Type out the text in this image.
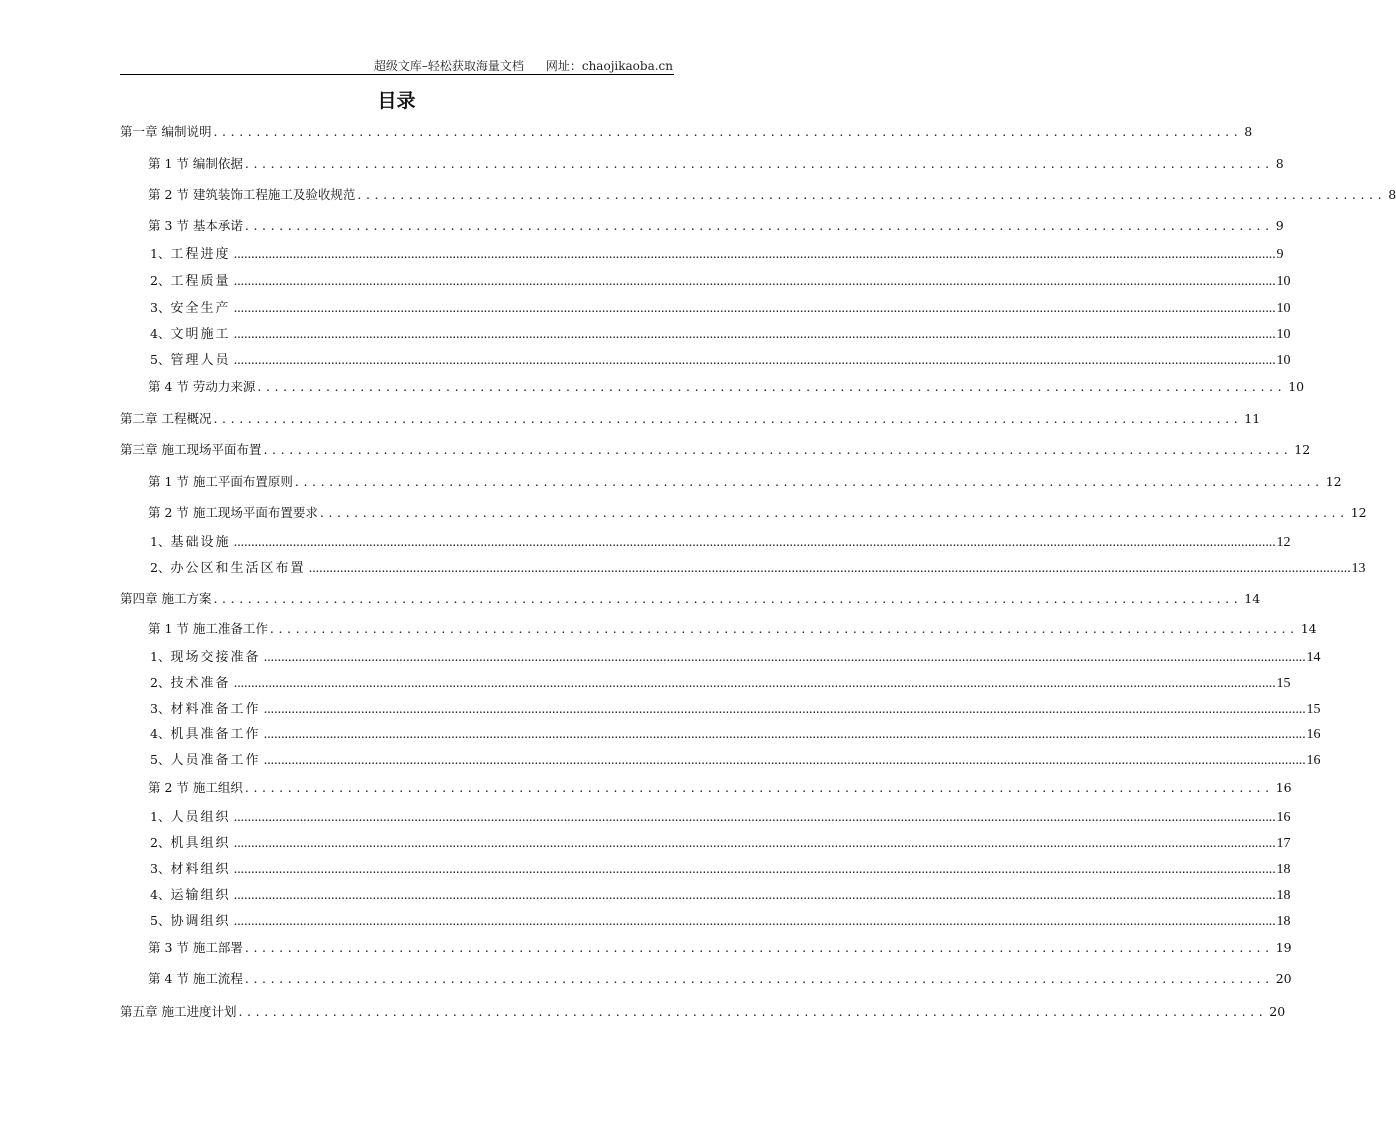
超级文库–轻松获取海量文档 网址：chaojikaoba.cn
目录
第一章 编制说明 ........................................................................................................................ 8
第 1 节 编制依据 ........................................................................................................................ 8
第 2 节 建筑装饰工程施工及验收规范 ........................................................................................................................ 8
第 3 节 基本承诺 ........................................................................................................................ 9
1、 工程进度 ............................................................................................................................................................................................................................................................................................................ 9
2、 工程质量 ............................................................................................................................................................................................................................................................................................................ 10
3、 安全生产 ............................................................................................................................................................................................................................................................................................................ 10
4、 文明施工 ............................................................................................................................................................................................................................................................................................................ 10
5、 管理人员 ............................................................................................................................................................................................................................................................................................................ 10
第 4 节 劳动力来源 ........................................................................................................................ 10
第二章 工程概况 ........................................................................................................................ 11
第三章 施工现场平面布置 ........................................................................................................................ 12
第 1 节 施工平面布置原则 ........................................................................................................................ 12
第 2 节 施工现场平面布置要求 ........................................................................................................................ 12
1、 基础设施 ............................................................................................................................................................................................................................................................................................................ 12
2、 办公区和生活区布置 ............................................................................................................................................................................................................................................................................................................ 13
第四章 施工方案 ........................................................................................................................ 14
第 1 节 施工准备工作 ........................................................................................................................ 14
1、 现场交接准备 ............................................................................................................................................................................................................................................................................................................ 14
2、 技术准备 ............................................................................................................................................................................................................................................................................................................ 15
3、 材料准备工作 ............................................................................................................................................................................................................................................................................................................ 15
4、 机具准备工作 ............................................................................................................................................................................................................................................................................................................ 16
5、 人员准备工作 ............................................................................................................................................................................................................................................................................................................ 16
第 2 节 施工组织 ........................................................................................................................ 16
1、 人员组织 ............................................................................................................................................................................................................................................................................................................ 16
2、 机具组织 ............................................................................................................................................................................................................................................................................................................ 17
3、 材料组织 ............................................................................................................................................................................................................................................................................................................ 18
4、 运输组织 ............................................................................................................................................................................................................................................................................................................ 18
5、 协调组织 ............................................................................................................................................................................................................................................................................................................ 18
第 3 节 施工部署 ........................................................................................................................ 19
第 4 节 施工流程 ........................................................................................................................ 20
第五章 施工进度计划 ........................................................................................................................ 20
